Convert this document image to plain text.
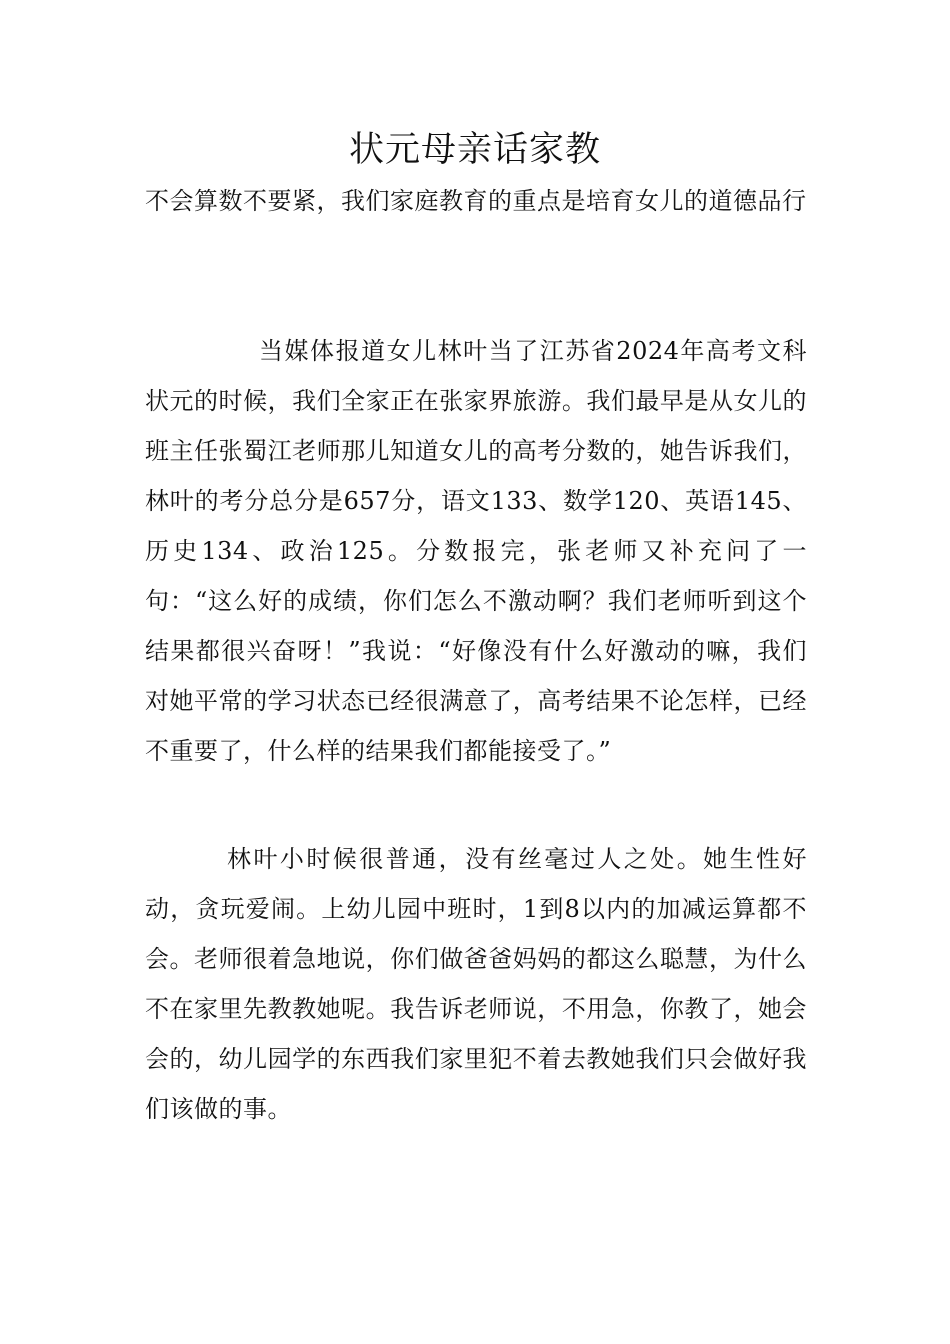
状元母亲话家教

不会算数不要紧，我们家庭教育的重点是培育女儿的道德品行

当媒体报道女儿林叶当了江苏省2024年高考文科状元的时候，我们全家正在张家界旅游。我们最早是从女儿的班主任张蜀江老师那儿知道女儿的高考分数的，她告诉我们，林叶的考分总分是657分，语文133、数学120、英语145、历史134、政治125。分数报完，张老师又补充问了一句：“这么好的成绩，你们怎么不激动啊？我们老师听到这个结果都很兴奋呀！”我说：“好像没有什么好激动的嘛，我们对她平常的学习状态已经很满意了，高考结果不论怎样，已经不重要了，什么样的结果我们都能接受了。”

林叶小时候很普通，没有丝毫过人之处。她生性好动，贪玩爱闹。上幼儿园中班时，1到8以内的加减运算都不会。老师很着急地说，你们做爸爸妈妈的都这么聪慧，为什么不在家里先教教她呢。我告诉老师说，不用急，你教了，她会会的，幼儿园学的东西我们家里犯不着去教她我们只会做好我们该做的事。
